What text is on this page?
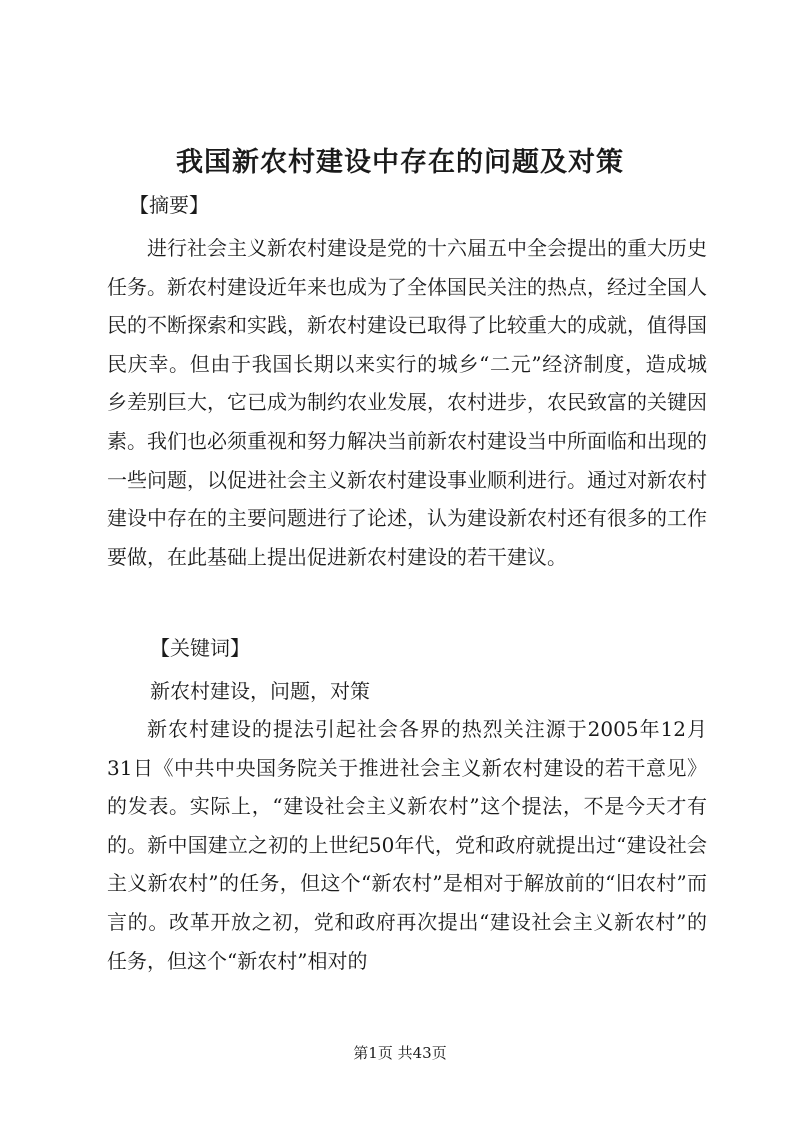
我国新农村建设中存在的问题及对策
【摘要】

进行社会主义新农村建设是党的十六届五中全会提出的重大历史任务。新农村建设近年来也成为了全体国民关注的热点，经过全国人民的不断探索和实践，新农村建设已取得了比较重大的成就，值得国民庆幸。但由于我国长期以来实行的城乡“二元”经济制度，造成城乡差别巨大，它已成为制约农业发展，农村进步，农民致富的关键因素。我们也必须重视和努力解决当前新农村建设当中所面临和出现的一些问题，以促进社会主义新农村建设事业顺利进行。通过对新农村建设中存在的主要问题进行了论述，认为建设新农村还有很多的工作要做，在此基础上提出促进新农村建设的若干建议。

【关键词】
新农村建设，问题，对策

新农村建设的提法引起社会各界的热烈关注源于2005年12月31日《中共中央国务院关于推进社会主义新农村建设的若干意见》的发表。实际上，“建设社会主义新农村”这个提法，不是今天才有的。新中国建立之初的上世纪50年代，党和政府就提出过“建设社会主义新农村”的任务，但这个“新农村”是相对于解放前的“旧农村”而言的。改革开放之初，党和政府再次提出“建设社会主义新农村”的任务，但这个“新农村”相对的

第1页 共43页
